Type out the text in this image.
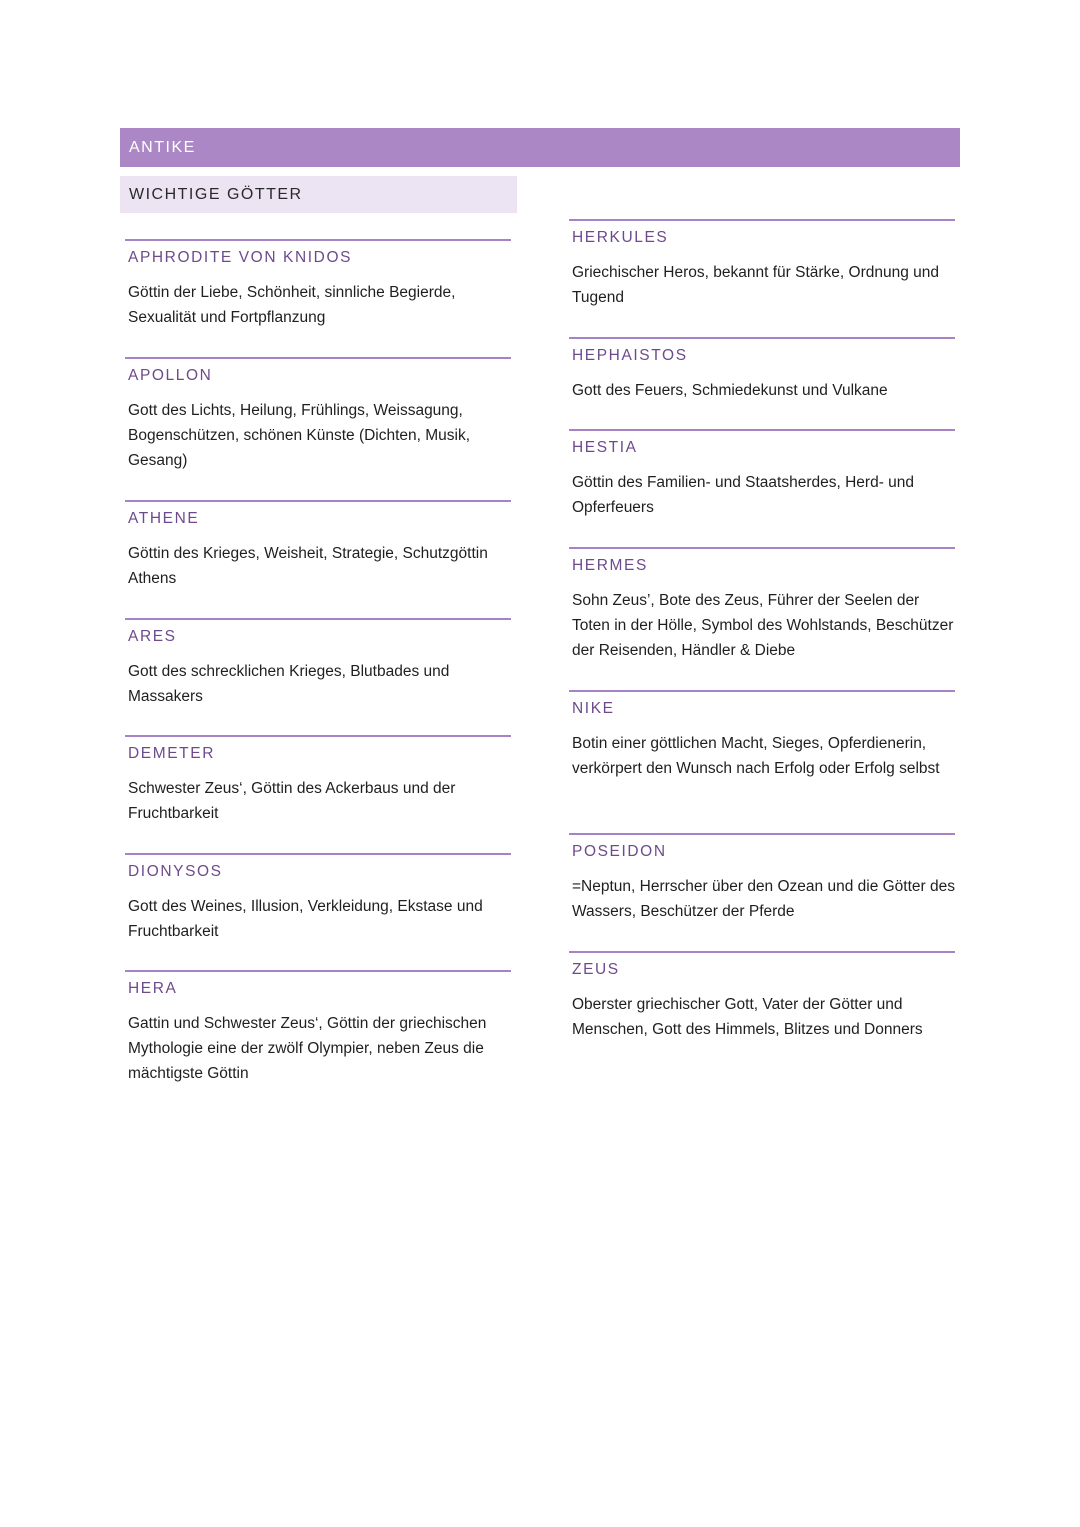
ANTIKE
WICHTIGE GÖTTER
APHRODITE VON KNIDOS
Göttin der Liebe, Schönheit, sinnliche Begierde, Sexualität und Fortpflanzung
APOLLON
Gott des Lichts, Heilung, Frühlings, Weissagung, Bogenschützen, schönen Künste (Dichten, Musik, Gesang)
ATHENE
Göttin des Krieges, Weisheit, Strategie, Schutzgöttin Athens
ARES
Gott des schrecklichen Krieges, Blutbades und Massakers
DEMETER
Schwester Zeus‘, Göttin des Ackerbaus und der Fruchtbarkeit
DIONYSOS
Gott des Weines, Illusion, Verkleidung, Ekstase und Fruchtbarkeit
HERA
Gattin und Schwester Zeus‘, Göttin der griechischen Mythologie eine der zwölf Olympier, neben Zeus die mächtigste Göttin
HERKULES
Griechischer Heros, bekannt für Stärke, Ordnung und Tugend
HEPHAISTOS
Gott des Feuers, Schmiedekunst und Vulkane
HESTIA
Göttin des Familien- und Staatsherdes, Herd- und Opferfeuers
HERMES
Sohn Zeus’, Bote des Zeus, Führer der Seelen der Toten in der Hölle, Symbol des Wohlstands, Beschützer der Reisenden, Händler & Diebe
NIKE
Botin einer göttlichen Macht, Sieges, Opferdienerin, verkörpert den Wunsch nach Erfolg oder Erfolg selbst
POSEIDON
=Neptun, Herrscher über den Ozean und die Götter des Wassers, Beschützer der Pferde
ZEUS
Oberster griechischer Gott, Vater der Götter und Menschen, Gott des Himmels, Blitzes und Donners
